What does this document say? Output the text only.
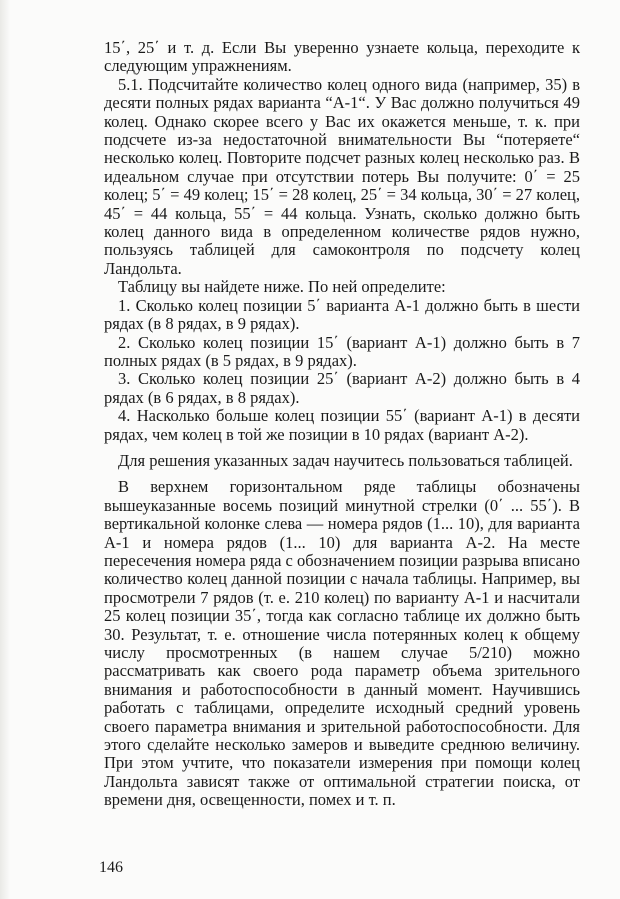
15΄, 25΄ и т. д. Если Вы уверенно узнаете кольца, переходите к следующим упражнениям.

5.1. Подсчитайте количество колец одного вида (например, 35) в десяти полных рядах варианта “А-1“. У Вас должно получиться 49 колец. Однако скорее всего у Вас их окажется меньше, т. к. при подсчете из-за недостаточной внимательности Вы “потеряете“ несколько колец. Повторите подсчет разных колец несколько раз. В идеальном случае при отсутствии потерь Вы получите: 0΄ = 25 колец; 5΄ = 49 колец; 15΄ = 28 колец, 25΄ = 34 кольца, 30΄ = 27 колец, 45΄ = 44 кольца, 55΄ = 44 кольца. Узнать, сколько должно быть колец данного вида в определенном количестве рядов нужно, пользуясь таблицей для самоконтроля по подсчету колец Ландольта.

Таблицу вы найдете ниже. По ней определите:

1. Сколько колец позиции 5΄ варианта А-1 должно быть в шести рядах (в 8 рядах, в 9 рядах).

2. Сколько колец позиции 15΄ (вариант А-1) должно быть в 7 полных рядах (в 5 рядах, в 9 рядах).

3. Сколько колец позиции 25΄ (вариант А-2) должно быть в 4 рядах (в 6 рядах, в 8 рядах).

4. Насколько больше колец позиции 55΄ (вариант А-1) в десяти рядах, чем колец в той же позиции в 10 рядах (вариант А-2).

Для решения указанных задач научитесь пользоваться таблицей.

В верхнем горизонтальном ряде таблицы обозначены вышеуказанные восемь позиций минутной стрелки (0΄ ... 55΄). В вертикальной колонке слева — номера рядов (1... 10), для варианта А-1 и номера рядов (1... 10) для варианта А-2. На месте пересечения номера ряда с обозначением позиции разрыва вписано количество колец данной позиции с начала таблицы. Например, вы просмотрели 7 рядов (т. е. 210 колец) по варианту А-1 и насчитали 25 колец позиции 35΄, тогда как согласно таблице их должно быть 30. Результат, т. е. отношение числа потерянных колец к общему числу просмотренных (в нашем случае 5/210) можно рассматривать как своего рода параметр объема зрительного внимания и работоспособности в данный момент. Научившись работать с таблицами, определите исходный средний уровень своего параметра внимания и зрительной работоспособности. Для этого сделайте несколько замеров и выведите среднюю величину. При этом учтите, что показатели измерения при помощи колец Ландольта зависят также от оптимальной стратегии поиска, от времени дня, освещенности, помех и т. п.

146
